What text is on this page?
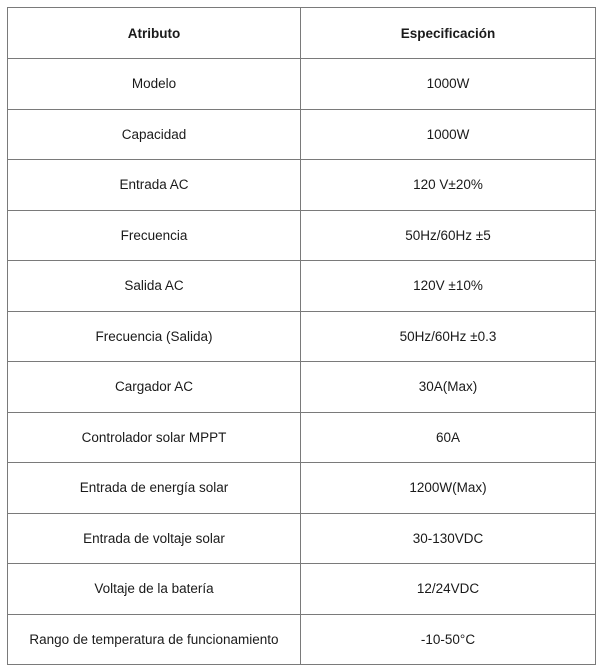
Atributo	Especificación
Modelo	1000W
Capacidad	1000W
Entrada AC	120 V±20%
Frecuencia	50Hz/60Hz ±5
Salida AC	120V ±10%
Frecuencia (Salida)	50Hz/60Hz ±0.3
Cargador AC	30A(Max)
Controlador solar MPPT	60A
Entrada de energía solar	1200W(Max)
Entrada de voltaje solar	30-130VDC
Voltaje de la batería	12/24VDC
Rango de temperatura de funcionamiento	-10-50°C
